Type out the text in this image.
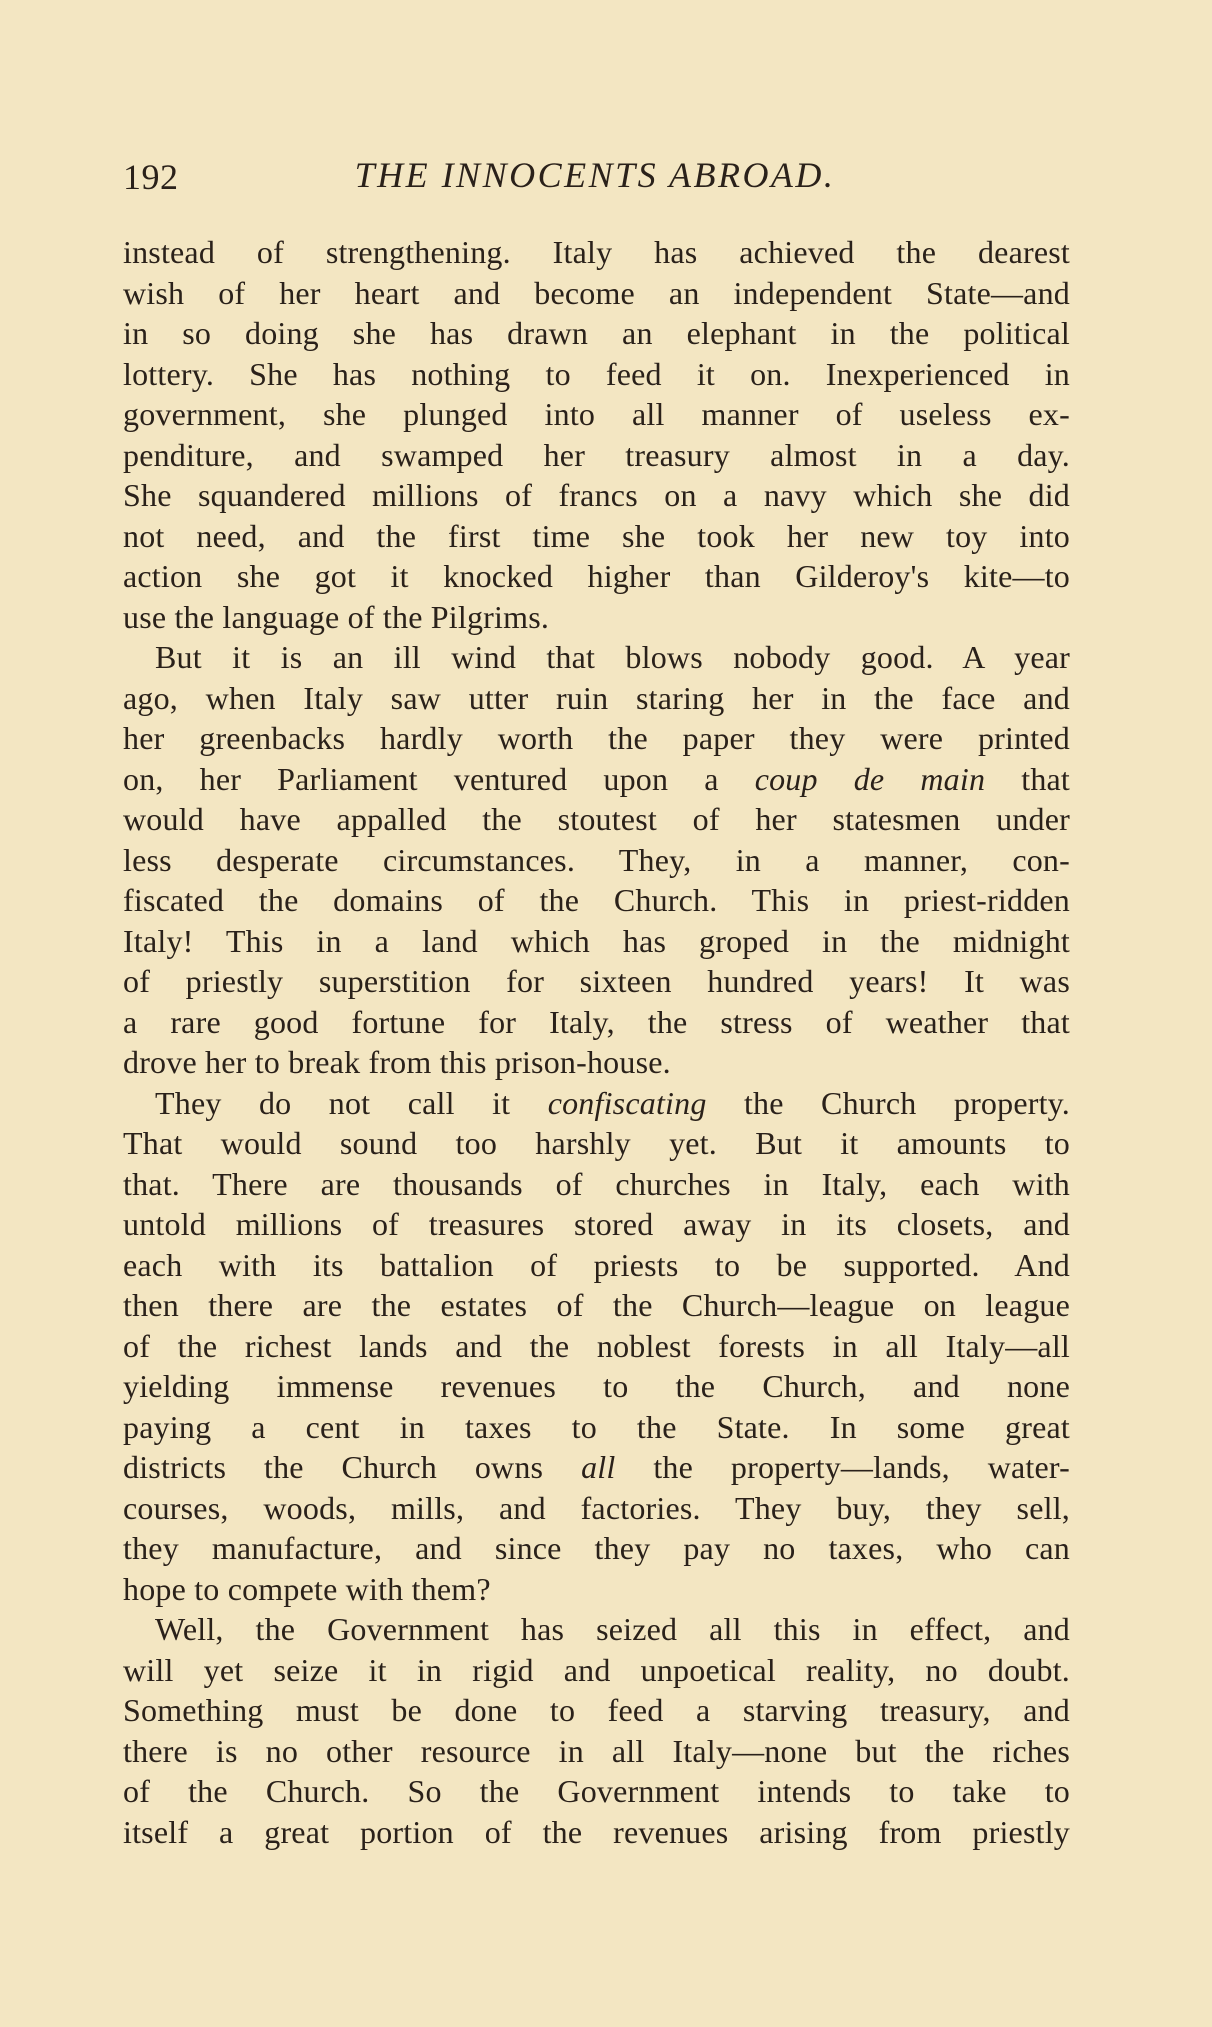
192	THE INNOCENTS ABROAD.
instead of strengthening. Italy has achieved the dearest
wish of her heart and become an independent State—and
in so doing she has drawn an elephant in the political
lottery. She has nothing to feed it on. Inexperienced in
government, she plunged into all manner of useless ex-
penditure, and swamped her treasury almost in a day.
She squandered millions of francs on a navy which she did
not need, and the first time she took her new toy into
action she got it knocked higher than Gilderoy's kite—to
use the language of the Pilgrims.
But it is an ill wind that blows nobody good. A year
ago, when Italy saw utter ruin staring her in the face and
her greenbacks hardly worth the paper they were printed
on, her Parliament ventured upon a coup de main that
would have appalled the stoutest of her statesmen under
less desperate circumstances. They, in a manner, con-
fiscated the domains of the Church. This in priest-ridden
Italy! This in a land which has groped in the midnight
of priestly superstition for sixteen hundred years! It was
a rare good fortune for Italy, the stress of weather that
drove her to break from this prison-house.
They do not call it confiscating the Church property.
That would sound too harshly yet. But it amounts to
that. There are thousands of churches in Italy, each with
untold millions of treasures stored away in its closets, and
each with its battalion of priests to be supported. And
then there are the estates of the Church—league on league
of the richest lands and the noblest forests in all Italy—all
yielding immense revenues to the Church, and none
paying a cent in taxes to the State. In some great
districts the Church owns all the property—lands, water-
courses, woods, mills, and factories. They buy, they sell,
they manufacture, and since they pay no taxes, who can
hope to compete with them?
Well, the Government has seized all this in effect, and
will yet seize it in rigid and unpoetical reality, no doubt.
Something must be done to feed a starving treasury, and
there is no other resource in all Italy—none but the riches
of the Church. So the Government intends to take to
itself a great portion of the revenues arising from priestly
